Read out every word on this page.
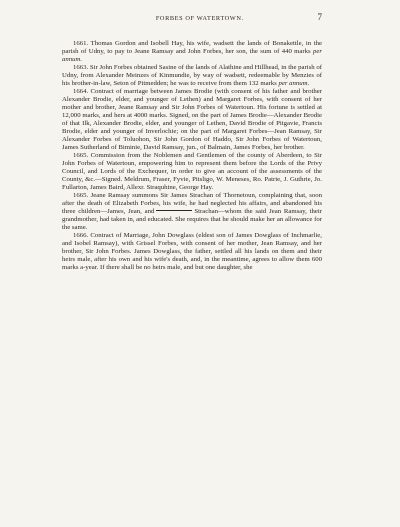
FORBES OF WATERTOWN.	7

1661. Thomas Gordon and Isobell Hay, his wife, wadsett the lands of Bonakettle, in the parish of Udny, to pay to Jeane Ramsay and John Forbes, her son, the sum of 440 marks per annum.

1663. Sir John Forbes obtained Sasine of the lands of Alathine and Hillhead, in the parish of Udny, from Alexander Meinzes of Kinmundie, by way of wadsett, redeemable by Menzies of his brother-in-law, Seton of Pitmedden; he was to receive from them 132 marks per annum.

1664. Contract of marriage between James Brodie (with consent of his father and brother Alexander Brodie, elder, and younger of Lethen) and Margaret Forbes, with consent of her mother and brother, Jeane Ramsay and Sir John Forbes of Watertoun. His fortune is settled at 12,000 marks, and hers at 4000 marks. Signed, on the part of James Brodie—Alexander Brodie of that Ilk, Alexander Brodie, elder, and younger of Lethen, David Brodie of Pitgavie, Francis Brodie, elder and younger of Inverlochie; on the part of Margaret Forbes—Jean Ramsay, Sir Alexander Forbes of Toluohon, Sir John Gordon of Haddo, Sir John Forbes of Watertoun, James Sutherland of Biminie, David Ramsay, jun., of Balmain, James Forbes, her brother.

1665. Commission from the Noblemen and Gentlemen of the county of Aberdeen, to Sir John Forbes of Watertoun, empowering him to represent them before the Lords of the Privy Council, and Lords of the Exchequer, in order to give an account of the assessments of the County, &c.—Signed. Meldrum, Fraser, Fyvie, Pitsligo, W. Meneses, Ro. Patrie, J. Guthrie, Jo. Fullarton, James Baird, Allexr. Straquhine, George Hay.

1665. Jeane Ramsay summons Sir James Strachan of Thornetoun, complaining that, soon after the death of Elizabeth Forbes, his wife, he had neglected his affairs, and abandoned his three children—James, Jean, and	Strachan—whom the said Jean Ramsay, their grandmother, had taken in, and educated. She requires that he should make her an allowance for the same.

1666. Contract of Marriage, John Dowglass (eldest son of James Dowglass of Inchmarlie, and Isobel Ramsay), with Grissel Forbes, with consent of her mother, Jean Ramsay, and her brother, Sir John Forbes. James Dowglass, the father, settled all his lands on them and their heirs male, after his own and his wife's death, and, in the meantime, agrees to allow them 600 marks a-year. If there shall be no heirs male, and but one daughter, she
